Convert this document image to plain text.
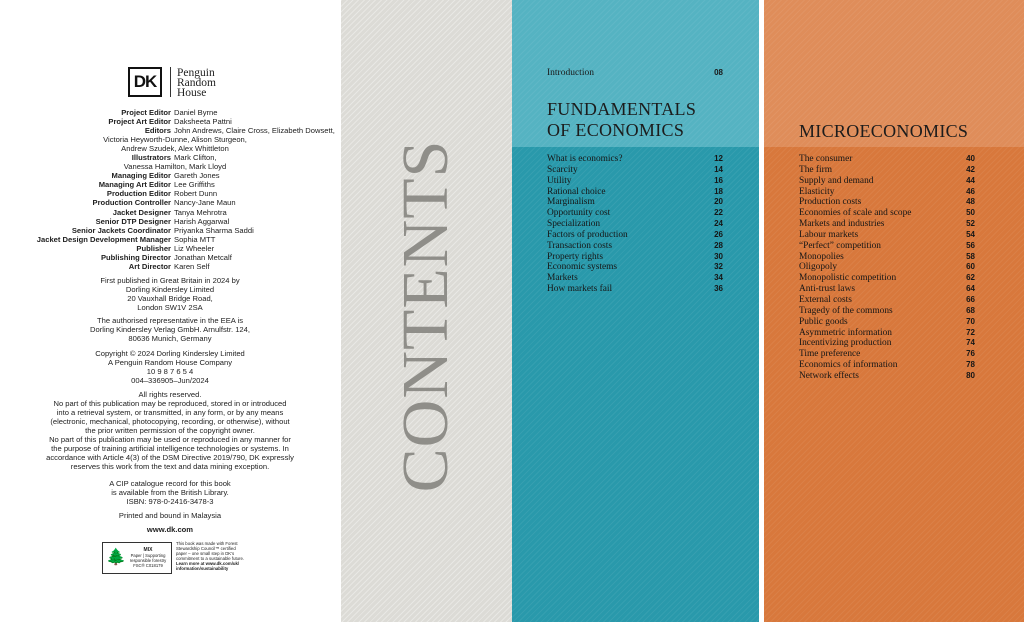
DK Penguin
Random
House
Project Editor Daniel Byrne
Project Art Editor Daksheeta Pattni
Editors John Andrews, Claire Cross, Elizabeth Dowsett,
Victoria Heyworth-Dunne, Alison Sturgeon,
Andrew Szudek, Alex Whittleton
Illustrators Mark Clifton,
Vanessa Hamilton, Mark Lloyd
Managing Editor Gareth Jones
Managing Art Editor Lee Griffiths
Production Editor Robert Dunn
Production Controller Nancy-Jane Maun
Jacket Designer Tanya Mehrotra
Senior DTP Designer Harish Aggarwal
Senior Jackets Coordinator Priyanka Sharma Saddi
Jacket Design Development Manager Sophia MTT
Publisher Liz Wheeler
Publishing Director Jonathan Metcalf
Art Director Karen Self
First published in Great Britain in 2024 by
Dorling Kindersley Limited
20 Vauxhall Bridge Road,
London SW1V 2SA
The authorised representative in the EEA is
Dorling Kindersley Verlag GmbH. Arnulfstr. 124,
80636 Munich, Germany
Copyright © 2024 Dorling Kindersley Limited
A Penguin Random House Company
10 9 8 7 6 5 4
004–336905–Jun/2024
All rights reserved.
No part of this publication may be reproduced, stored in or introduced
into a retrieval system, or transmitted, in any form, or by any means
(electronic, mechanical, photocopying, recording, or otherwise), without
the prior written permission of the copyright owner.
No part of this publication may be used or reproduced in any manner for
the purpose of training artificial intelligence technologies or systems. In
accordance with Article 4(3) of the DSM Directive 2019/790, DK expressly
reserves this work from the text and data mining exception.
A CIP catalogue record for this book
is available from the British Library.
ISBN: 978-0-2416-3478-3
Printed and bound in Malaysia
www.dk.com
🌲	MIX
Paper | Supporting
responsible forestry
FSC® C018179
This book was made with Forest
Stewardship Council™ certified
paper – one small step in DK's
commitment to a sustainable future.
Learn more at www.dk.com/uk/
information/sustainability
CONTENTS
Introduction	08
FUNDAMENTALS
OF ECONOMICS
What is economics?	12
Scarcity	14
Utility	16
Rational choice	18
Marginalism	20
Opportunity cost	22
Specialization	24
Factors of production	26
Transaction costs	28
Property rights	30
Economic systems	32
Markets	34
How markets fail	36
MICROECONOMICS
The consumer	40
The firm	42
Supply and demand	44
Elasticity	46
Production costs	48
Economies of scale and scope	50
Markets and industries	52
Labour markets	54
“Perfect” competition	56
Monopolies	58
Oligopoly	60
Monopolistic competition	62
Anti-trust laws	64
External costs	66
Tragedy of the commons	68
Public goods	70
Asymmetric information	72
Incentivizing production	74
Time preference	76
Economics of information	78
Network effects	80
